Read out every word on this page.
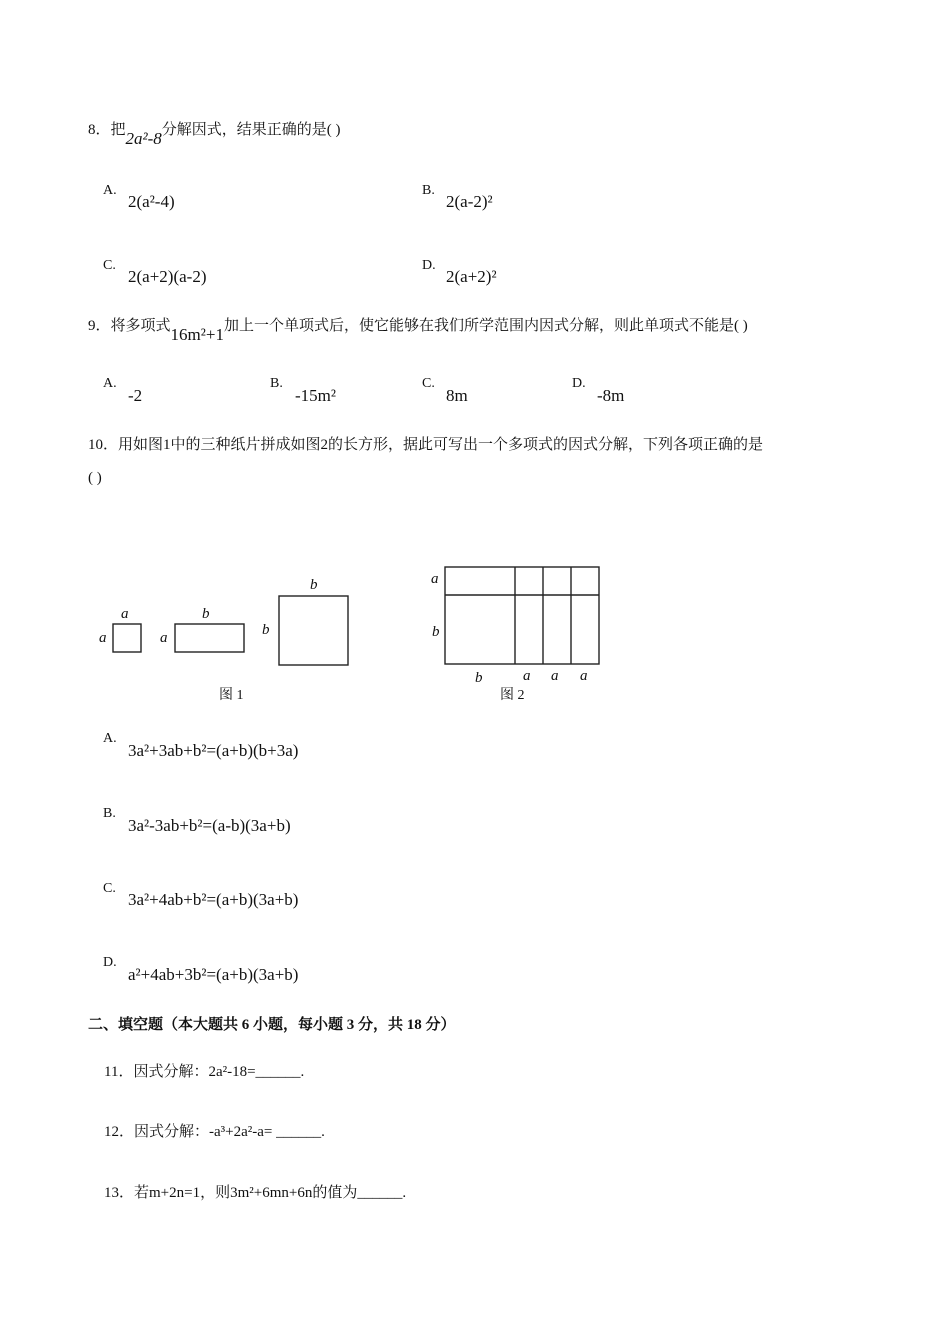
8．把2a²-8分解因式，结果正确的是( )
A.
2(a²-4)
B.
2(a-2)²
C.
2(a+2)(a-2)
D.
2(a+2)²
9．将多项式16m²+1加上一个单项式后，使它能够在我们所学范围内因式分解，则此单项式不能是( )
A.
-2
B.
-15m²
C.
8m
D.
-8m
10．用如图1中的三种纸片拼成如图2的长方形，据此可写出一个多项式的因式分解，下列各项正确的是
( )
a
a
b
a
b
b
图 1
a
b
b	a a a
图 2
A.
3a²+3ab+b²=(a+b)(b+3a)
B.
3a²-3ab+b²=(a-b)(3a+b)
C.
3a²+4ab+b²=(a+b)(3a+b)
D.
a²+4ab+3b²=(a+b)(3a+b)
二、填空题（本大题共 6 小题，每小题 3 分，共 18 分）
11．因式分解：2a²-18=______.
12．因式分解：-a³+2a²-a= ______.
13．若m+2n=1，则3m²+6mn+6n的值为______.
